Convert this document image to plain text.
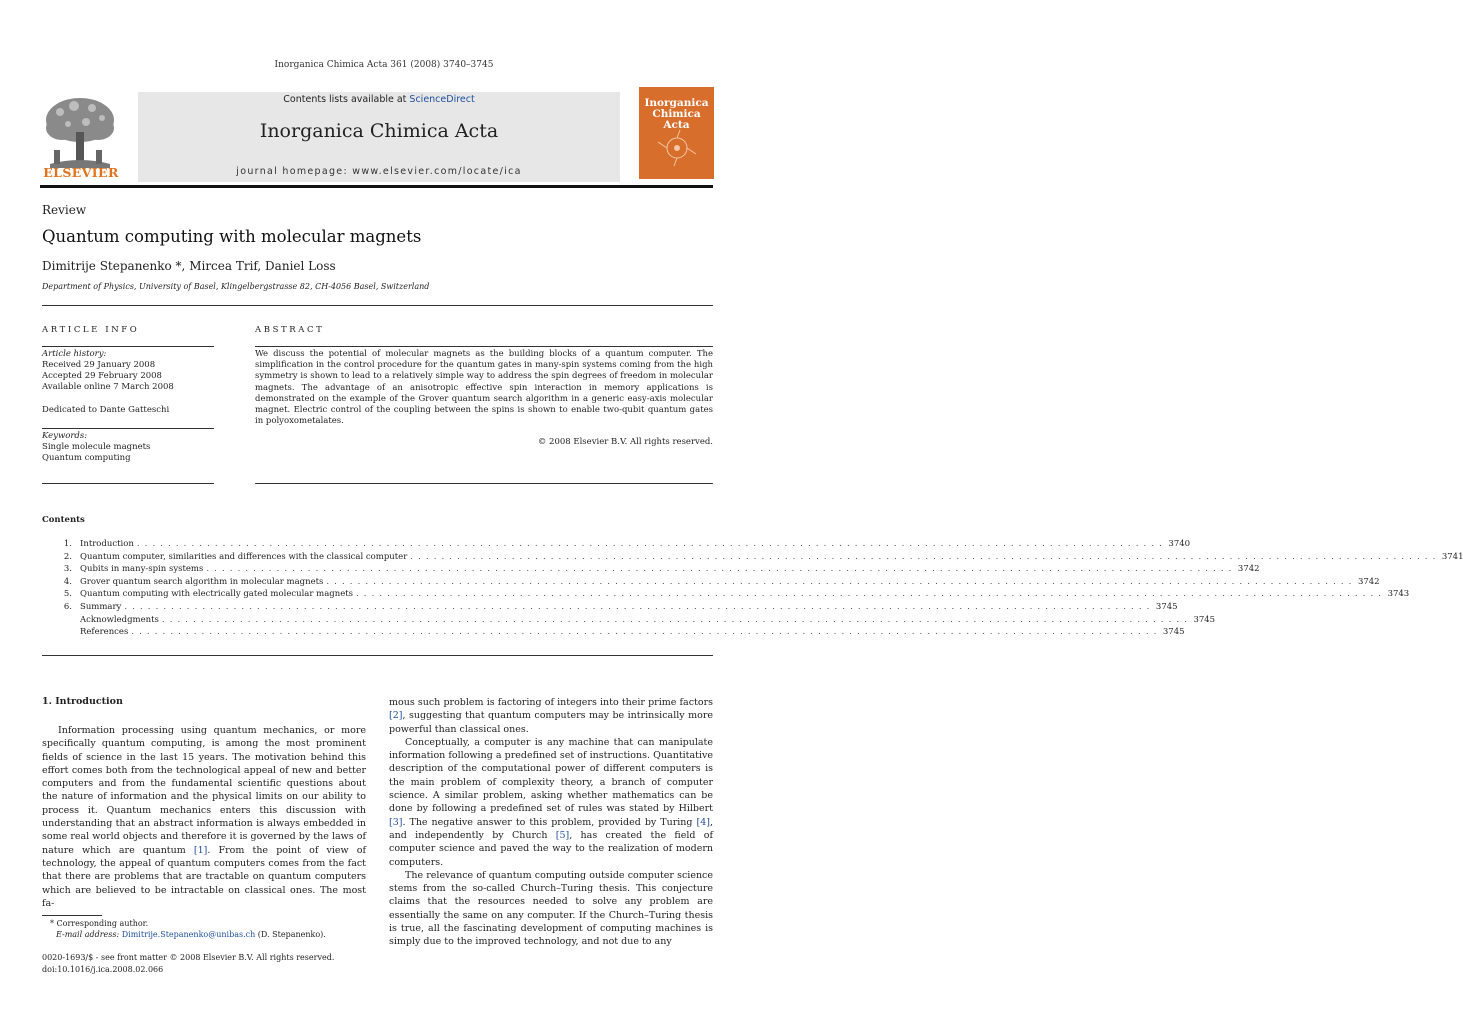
Inorganica Chimica Acta 361 (2008) 3740–3745
ELSEVIER
Contents lists available at ScienceDirect
Inorganica Chimica Acta
journal homepage: www.elsevier.com/locate/ica
Inorganica
Chimica Acta
Review
Quantum computing with molecular magnets
Dimitrije Stepanenko *, Mircea Trif, Daniel Loss
Department of Physics, University of Basel, Klingelbergstrasse 82, CH-4056 Basel, Switzerland
ARTICLE INFO
Article history:
Received 29 January 2008
Accepted 29 February 2008
Available online 7 March 2008
Dedicated to Dante Gatteschi
Keywords:
Single molecule magnets
Quantum computing
ABSTRACT
We discuss the potential of molecular magnets as the building blocks of a quantum computer. The simplification in the control procedure for the quantum gates in many-spin systems coming from the high symmetry is shown to lead to a relatively simple way to address the spin degrees of freedom in molecular magnets. The advantage of an anisotropic effective spin interaction in memory applications is demonstrated on the example of the Grover quantum search algorithm in a generic easy-axis molecular magnet. Electric control of the coupling between the spins is shown to enable two-qubit quantum gates in polyoxometalates.
© 2008 Elsevier B.V. All rights reserved.
Contents
1. Introduction . . . . . . . . . . . . . . . . . . . . . . . . . . . . . . . . . . . . . . . . . . . . . . . . . . . . . . . . . . . . . . . . . . . . . . . . . . . . . . . . . . . . . . . . . . . . . . . . . . . . . . . . . . . . . . . . . . . . . . . . . . . . . . . . . . . . 3740
2. Quantum computer, similarities and differences with the classical computer . . . . . . . . . . . . . . . . . . . . . . . . . . . . . . . . . . . . . . . . . . . . . . . . . . . . . . . . . . . . . . . . . . . . . . . . . . . . . . . . . . . . . . . . . . . . . . . . . . . . . . . . . . . . . . . . . . . . . . . . . . . . . . . . . . . . 3741
3. Qubits in many-spin systems . . . . . . . . . . . . . . . . . . . . . . . . . . . . . . . . . . . . . . . . . . . . . . . . . . . . . . . . . . . . . . . . . . . . . . . . . . . . . . . . . . . . . . . . . . . . . . . . . . . . . . . . . . . . . . . . . . . . . . . . . . . . . . . . . . . . 3742
4. Grover quantum search algorithm in molecular magnets . . . . . . . . . . . . . . . . . . . . . . . . . . . . . . . . . . . . . . . . . . . . . . . . . . . . . . . . . . . . . . . . . . . . . . . . . . . . . . . . . . . . . . . . . . . . . . . . . . . . . . . . . . . . . . . . . . . . . . . . . . . . . . . . . . . . 3742
5. Quantum computing with electrically gated molecular magnets . . . . . . . . . . . . . . . . . . . . . . . . . . . . . . . . . . . . . . . . . . . . . . . . . . . . . . . . . . . . . . . . . . . . . . . . . . . . . . . . . . . . . . . . . . . . . . . . . . . . . . . . . . . . . . . . . . . . . . . . . . . . . . . . . . . . 3743
6. Summary . . . . . . . . . . . . . . . . . . . . . . . . . . . . . . . . . . . . . . . . . . . . . . . . . . . . . . . . . . . . . . . . . . . . . . . . . . . . . . . . . . . . . . . . . . . . . . . . . . . . . . . . . . . . . . . . . . . . . . . . . . . . . . . . . . . . 3745
Acknowledgments . . . . . . . . . . . . . . . . . . . . . . . . . . . . . . . . . . . . . . . . . . . . . . . . . . . . . . . . . . . . . . . . . . . . . . . . . . . . . . . . . . . . . . . . . . . . . . . . . . . . . . . . . . . . . . . . . . . . . . . . . . . . . . . . . . . . 3745
References . . . . . . . . . . . . . . . . . . . . . . . . . . . . . . . . . . . . . . . . . . . . . . . . . . . . . . . . . . . . . . . . . . . . . . . . . . . . . . . . . . . . . . . . . . . . . . . . . . . . . . . . . . . . . . . . . . . . . . . . . . . . . . . . . . . . 3745
1. Introduction

Information processing using quantum mechanics, or more specifically quantum computing, is among the most prominent fields of science in the last 15 years. The motivation behind this effort comes both from the technological appeal of new and better computers and from the fundamental scientific questions about the nature of information and the physical limits on our ability to process it. Quantum mechanics enters this discussion with understanding that an abstract information is always embedded in some real world objects and therefore it is governed by the laws of nature which are quantum [1]. From the point of view of technology, the appeal of quantum computers comes from the fact that there are problems that are tractable on quantum computers which are believed to be intractable on classical ones. The most fa-

mous such problem is factoring of integers into their prime factors [2], suggesting that quantum computers may be intrinsically more powerful than classical ones.

Conceptually, a computer is any machine that can manipulate information following a predefined set of instructions. Quantitative description of the computational power of different computers is the main problem of complexity theory, a branch of computer science. A similar problem, asking whether mathematics can be done by following a predefined set of rules was stated by Hilbert [3]. The negative answer to this problem, provided by Turing [4], and independently by Church [5], has created the field of computer science and paved the way to the realization of modern computers.

The relevance of quantum computing outside computer science stems from the so-called Church–Turing thesis. This conjecture claims that the resources needed to solve any problem are essentially the same on any computer. If the Church–Turing thesis is true, all the fascinating development of computing machines is simply due to the improved technology, and not due to any

* Corresponding author.
E-mail address: Dimitrije.Stepanenko@unibas.ch (D. Stepanenko).
0020-1693/$ - see front matter © 2008 Elsevier B.V. All rights reserved.
doi:10.1016/j.ica.2008.02.066
